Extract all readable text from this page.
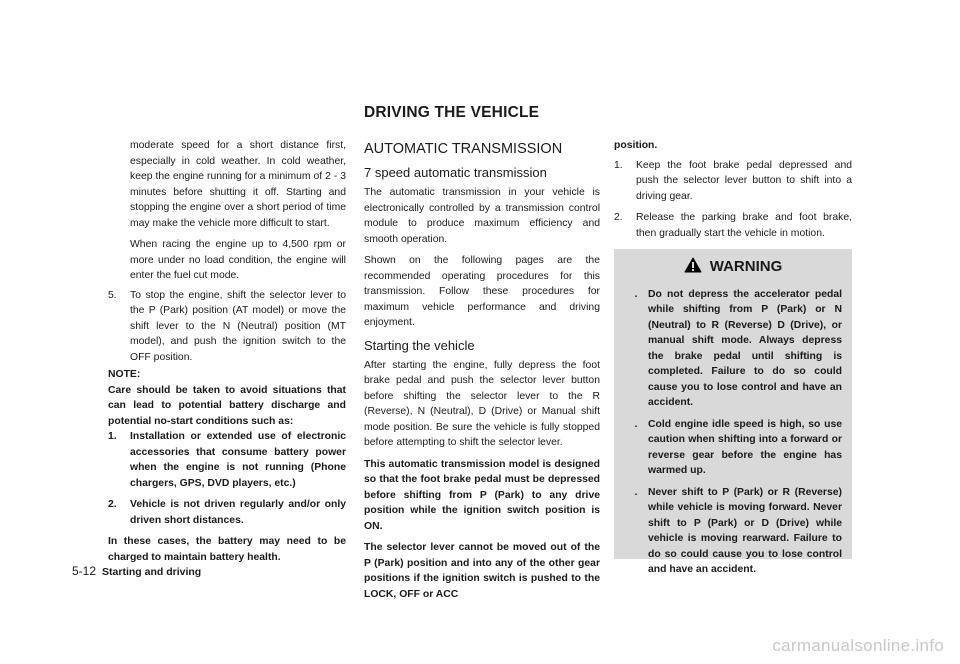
DRIVING THE VEHICLE

moderate speed for a short distance first, especially in cold weather. In cold weather, keep the engine running for a minimum of 2 - 3 minutes before shutting it off. Starting and stopping the engine over a short period of time may make the vehicle more difficult to start.

When racing the engine up to 4,500 rpm or more under no load condition, the engine will enter the fuel cut mode.

5.	To stop the engine, shift the selector lever to the P (Park) position (AT model) or move the shift lever to the N (Neutral) position (MT model), and push the ignition switch to the OFF position.

NOTE:

Care should be taken to avoid situations that can lead to potential battery discharge and potential no-start conditions such as:

1.	Installation or extended use of electronic accessories that consume battery power when the engine is not running (Phone chargers, GPS, DVD players, etc.)
2.	Vehicle is not driven regularly and/or only driven short distances.

In these cases, the battery may need to be charged to maintain battery health.

AUTOMATIC TRANSMISSION
7 speed automatic transmission

The automatic transmission in your vehicle is electronically controlled by a transmission control module to produce maximum efficiency and smooth operation.

Shown on the following pages are the recommended operating procedures for this transmission. Follow these procedures for maximum vehicle performance and driving enjoyment.

Starting the vehicle

After starting the engine, fully depress the foot brake pedal and push the selector lever button before shifting the selector lever to the R (Reverse), N (Neutral), D (Drive) or Manual shift mode position. Be sure the vehicle is fully stopped before attempting to shift the selector lever.

This automatic transmission model is designed so that the foot brake pedal must be depressed before shifting from P (Park) to any drive position while the ignition switch position is ON.

The selector lever cannot be moved out of the P (Park) position and into any of the other gear positions if the ignition switch is pushed to the LOCK, OFF or ACC

position.

1.	Keep the foot brake pedal depressed and push the selector lever button to shift into a driving gear.
2.	Release the parking brake and foot brake, then gradually start the vehicle in motion.
WARNING
.	Do not depress the accelerator pedal while shifting from P (Park) or N (Neutral) to R (Reverse) D (Drive), or manual shift mode. Always depress the brake pedal until shifting is completed. Failure to do so could cause you to lose control and have an accident.
.	Cold engine idle speed is high, so use caution when shifting into a forward or reverse gear before the engine has warmed up.
.	Never shift to P (Park) or R (Reverse) while vehicle is moving forward. Never shift to P (Park) or D (Drive) while vehicle is moving rearward. Failure to do so could cause you to lose control and have an accident.
5-12 Starting and driving
carmanualsonline.info
